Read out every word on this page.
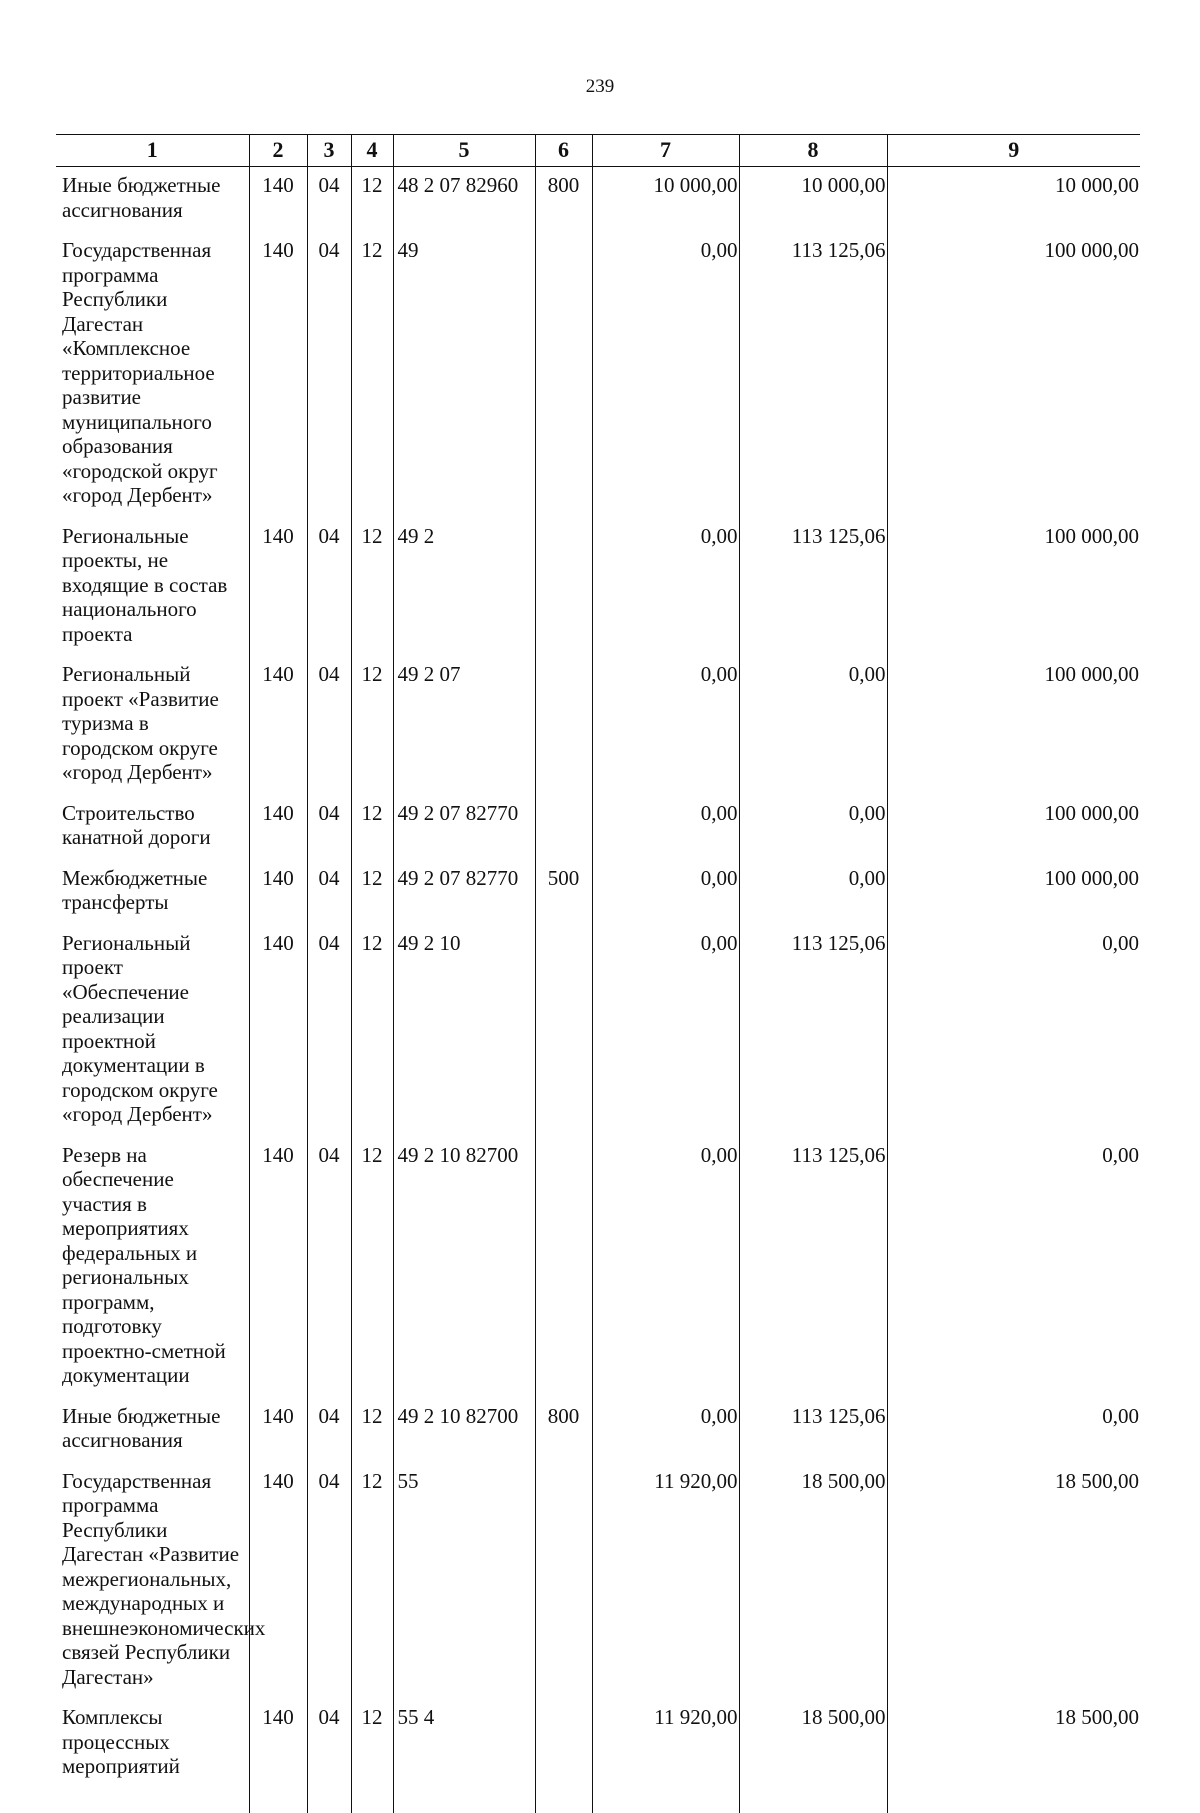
239
1	2	3	4	5	6	7	8	9
Иные бюджетные ассигнования	140	04	12	48 2 07 82960	800	10 000,00	10 000,00	10 000,00
Государственная программа Республики Дагестан «Комплексное территориальное развитие муниципального образования «городской округ «город Дербент»	140	04	12	49		0,00	113 125,06	100 000,00
Региональные проекты, не входящие в состав национального проекта	140	04	12	49 2		0,00	113 125,06	100 000,00
Региональный проект «Развитие туризма в городском округе «город Дербент»	140	04	12	49 2 07		0,00	0,00	100 000,00
Строительство канатной дороги	140	04	12	49 2 07 82770		0,00	0,00	100 000,00
Межбюджетные трансферты	140	04	12	49 2 07 82770	500	0,00	0,00	100 000,00
Региональный проект «Обеспечение реализации проектной документации в городском округе «город Дербент»	140	04	12	49 2 10		0,00	113 125,06	0,00
Резерв на обеспечение участия в мероприятиях федеральных и региональных программ, подготовку проектно-сметной документации	140	04	12	49 2 10 82700		0,00	113 125,06	0,00
Иные бюджетные ассигнования	140	04	12	49 2 10 82700	800	0,00	113 125,06	0,00
Государственная программа Республики Дагестан «Развитие межрегиональных, международных и внешнеэкономических связей Республики Дагестан»	140	04	12	55		11 920,00	18 500,00	18 500,00
Комплексы процессных мероприятий	140	04	12	55 4		11 920,00	18 500,00	18 500,00
